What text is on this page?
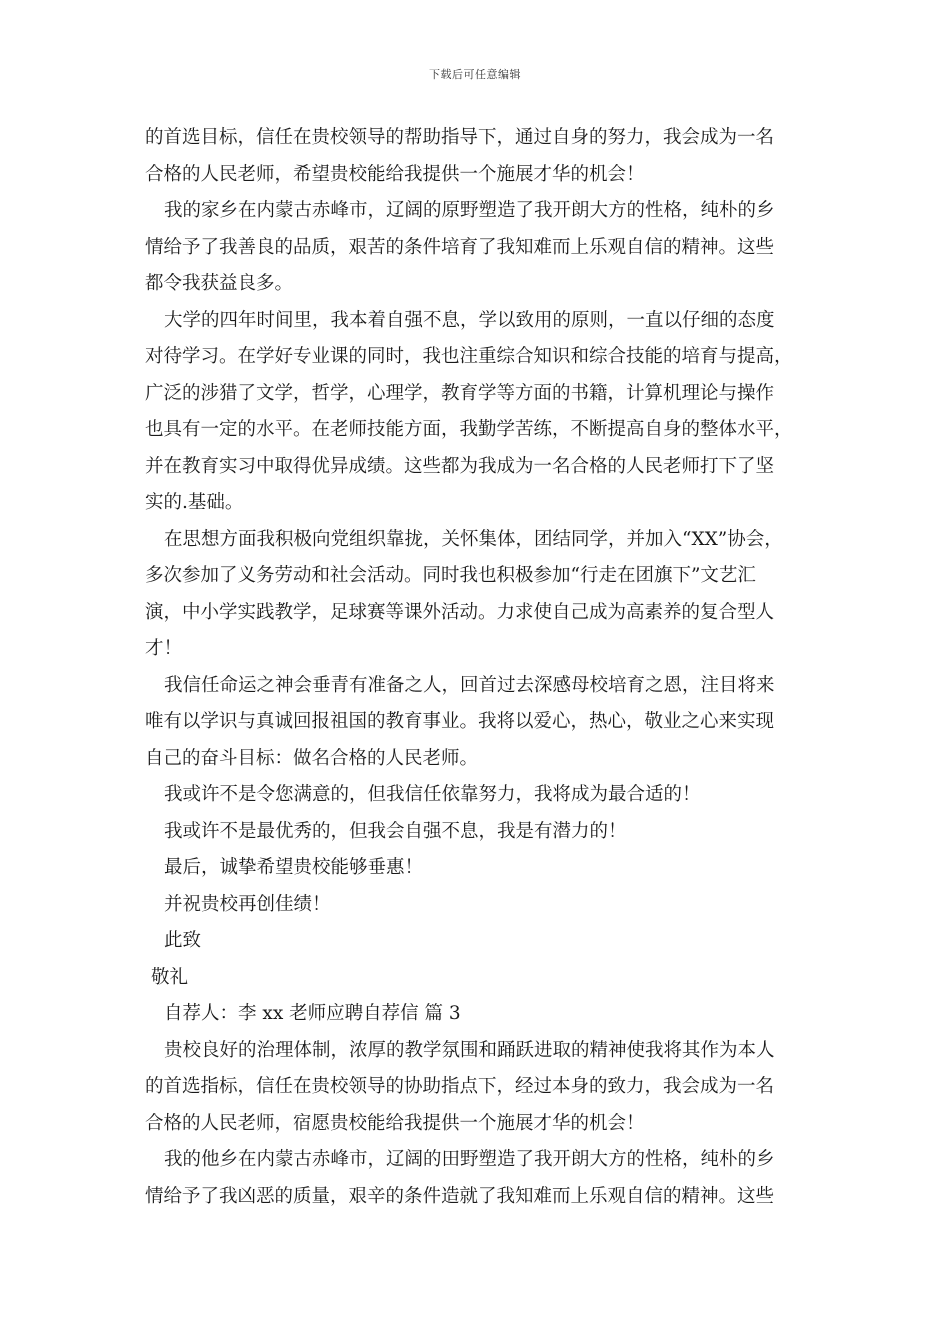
下载后可任意编辑
的首选目标，信任在贵校领导的帮助指导下，通过自身的努力，我会成为一名
合格的人民老师，希望贵校能给我提供一个施展才华的机会！
我的家乡在内蒙古赤峰市，辽阔的原野塑造了我开朗大方的性格，纯朴的乡
情给予了我善良的品质，艰苦的条件培育了我知难而上乐观自信的精神。这些
都令我获益良多。
大学的四年时间里，我本着自强不息，学以致用的原则，一直以仔细的态度
对待学习。在学好专业课的同时，我也注重综合知识和综合技能的培育与提高，
广泛的涉猎了文学，哲学，心理学，教育学等方面的书籍，计算机理论与操作
也具有一定的水平。在老师技能方面，我勤学苦练，不断提高自身的整体水平，
并在教育实习中取得优异成绩。这些都为我成为一名合格的人民老师打下了坚
实的.基础。
在思想方面我积极向党组织靠拢，关怀集体，团结同学，并加入“XX”协会，
多次参加了义务劳动和社会活动。同时我也积极参加“行走在团旗下”文艺汇
演，中小学实践教学，足球赛等课外活动。力求使自己成为高素养的复合型人
才！
我信任命运之神会垂青有准备之人，回首过去深感母校培育之恩，注目将来
唯有以学识与真诚回报祖国的教育事业。我将以爱心，热心，敬业之心来实现
自己的奋斗目标：做名合格的人民老师。
我或许不是令您满意的，但我信任依靠努力，我将成为最合适的！
我或许不是最优秀的，但我会自强不息，我是有潜力的！
最后，诚挚希望贵校能够垂惠！
并祝贵校再创佳绩！
此致
敬礼
自荐人：李 xx 老师应聘自荐信 篇 3
贵校良好的治理体制，浓厚的教学氛围和踊跃进取的精神使我将其作为本人
的首选指标，信任在贵校领导的协助指点下，经过本身的致力，我会成为一名
合格的人民老师，宿愿贵校能给我提供一个施展才华的机会！
我的他乡在内蒙古赤峰市，辽阔的田野塑造了我开朗大方的性格，纯朴的乡
情给予了我凶恶的质量，艰辛的条件造就了我知难而上乐观自信的精神。这些
